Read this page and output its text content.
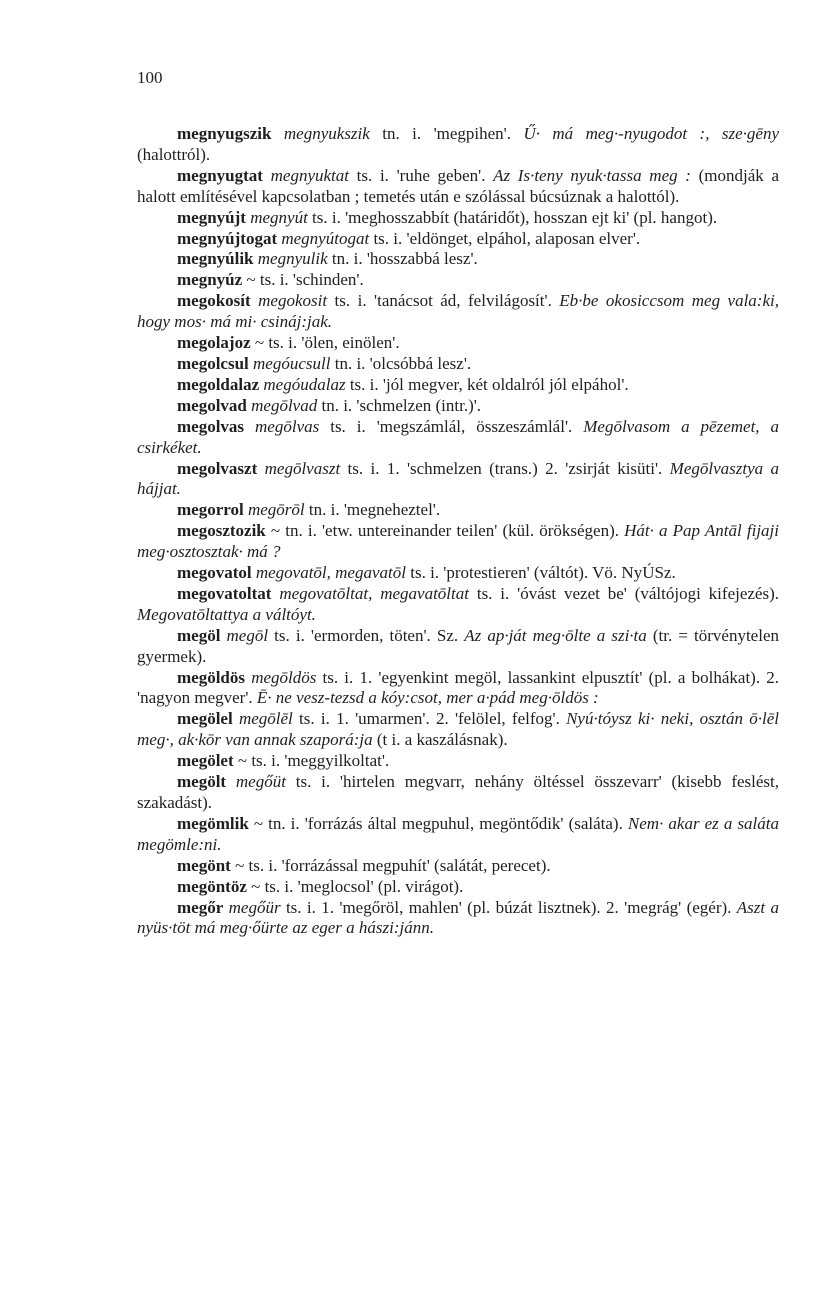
100

megnyugszik megnyukszik tn. i. 'megpihen'. Ű· má meg·-nyugodot :, sze·gēny (halottról).

megnyugtat megnyuktat ts. i. 'ruhe geben'. Az Is·teny nyuk·tassa meg : (mondják a halott említésével kapcsolatban ; temetés után e szólással búcsúznak a halottól).

megnyújt megnyút ts. i. 'meghosszabbít (határidőt), hosszan ejt ki' (pl. hangot).

megnyújtogat megnyútogat ts. i. 'eldönget, elpáhol, alaposan elver'.

megnyúlik megnyulik tn. i. 'hosszabbá lesz'.

megnyúz ~ ts. i. 'schinden'.

megokosít megokosit ts. i. 'tanácsot ád, felvilágosít'. Eb·be okosiccsom meg vala:ki, hogy mos· má mi· csináj:jak.

megolajoz ~ ts. i. 'ölen, einölen'.

megolcsul megóucsull tn. i. 'olcsóbbá lesz'.

megoldalaz megóudalaz ts. i. 'jól megver, két oldalról jól elpáhol'.

megolvad megōlvad tn. i. 'schmelzen (intr.)'.

megolvas megōlvas ts. i. 'megszámlál, összeszámlál'. Megōlvasom a pēzemet, a csirkéket.

megolvaszt megōlvaszt ts. i. 1. 'schmelzen (trans.) 2. 'zsirját kisüti'. Megōlvasztya a hájjat.

megorrol megōrōl tn. i. 'megneheztel'.

megosztozik ~ tn. i. 'etw. untereinander teilen' (kül. örökségen). Hát· a Pap Antāl fijaji meg·osztosztak· má ?

megovatol megovatōl, megavatōl ts. i. 'protestieren' (váltót). Vö. NyÚSz.

megovatoltat megovatōltat, megavatōltat ts. i. 'óvást vezet be' (váltójogi kifejezés). Megovatōltattya a váltóyt.

megöl megōl ts. i. 'ermorden, töten'. Sz. Az ap·ját meg·ōlte a szi·ta (tr. = törvénytelen gyermek).

megöldös megōldös ts. i. 1. 'egyenkint megöl, lassankint elpusztít' (pl. a bolhákat). 2. 'nagyon megver'. Ē· ne vesz-tezsd a kóy:csot, mer a·pád meg·ōldös :

megölel megōlēl ts. i. 1. 'umarmen'. 2. 'felölel, felfog'. Nyú·tóysz ki· neki, osztán ō·lēl meg·, ak·kōr van annak szaporá:ja (t i. a kaszálásnak).

megölet ~ ts. i. 'meggyilkoltat'.

megölt megőüt ts. i. 'hirtelen megvarr, nehány öltéssel összevarr' (kisebb feslést, szakadást).

megömlik ~ tn. i. 'forrázás által megpuhul, megöntődik' (saláta). Nem· akar ez a saláta megömle:ni.

megönt ~ ts. i. 'forrázással megpuhít' (salátát, perecet).

megöntöz ~ ts. i. 'meglocsol' (pl. virágot).

megőr megőür ts. i. 1. 'megőröl, mahlen' (pl. búzát lisztnek). 2. 'megrág' (egér). Aszt a nyüs·töt má meg·őürte az eger a hászi:jánn.
